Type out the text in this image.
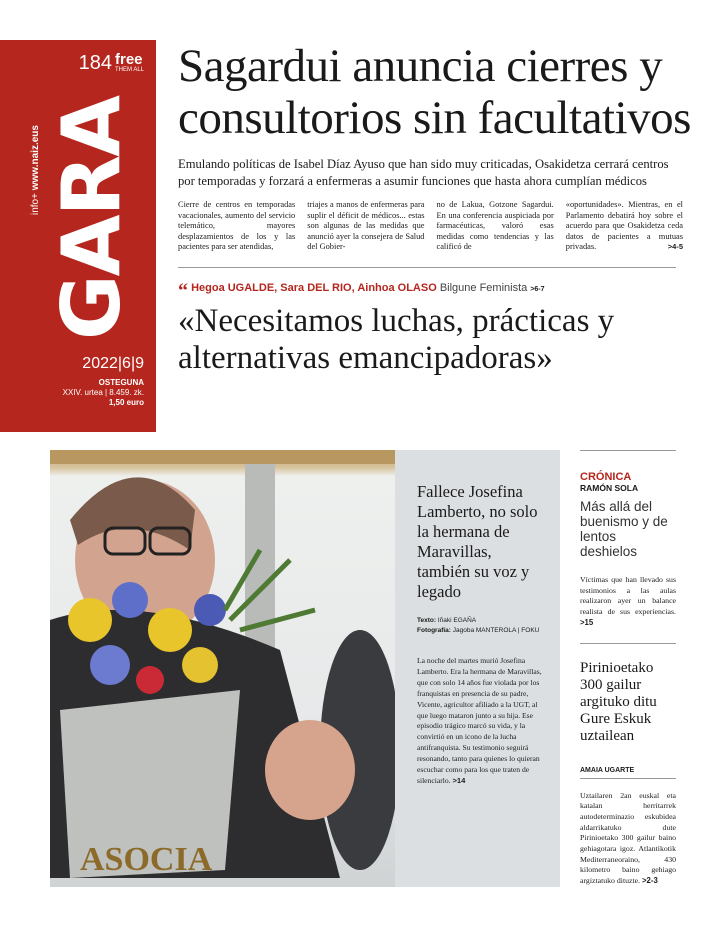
184 free
THEM ALL
info+ www.naiz.eus GARA
2022|6|9
OSTEGUNA
XXIV. urtea | 8.459. zk.
1,50 euro
Sagardui anuncia cierres y consultorios sin facultativos

Emulando políticas de Isabel Díaz Ayuso que han sido muy criticadas, Osakidetza cerrará centros por temporadas y forzará a enfermeras a asumir funciones que hasta ahora cumplían médicos

Cierre de centros en temporadas vacacionales, aumento del servicio telemático, mayores desplazamientos de los y las pacientes para ser atendidas,

triajes a manos de enfermeras para suplir el déficit de médicos... estas son algunas de las medidas que anunció ayer la consejera de Salud del Gobier-

no de Lakua, Gotzone Sagardui. En una conferencia auspiciada por farmacéuticas, valoró esas medidas como tendencias y las calificó de

«oportunidades». Mientras, en el Parlamento debatirá hoy sobre el acuerdo para que Osakidetza ceda datos de pacientes a mutuas privadas.	>4-5

“ Hegoa UGALDE, Sara DEL RIO, Ainhoa OLASO Bilgune Feminista >6-7
«Necesitamos luchas, prácticas y alternativas emancipadoras»
ASOCIA
Fallece Josefina Lamberto, no solo la hermana de Maravillas, también su voz y legado
Texto: Iñaki EGAÑA
Fotografía: Jagoba MANTEROLA | FOKU

La noche del martes murió Josefina Lamberto. Era la hermana de Maravillas, que con solo 14 años fue violada por los franquistas en presencia de su padre, Vicente, agricultor afiliado a la UGT, al que luego mataron junto a su hija. Ese episodio trágico marcó su vida, y la convirtió en un icono de la lucha antifranquista. Su testimonio seguirá resonando, tanto para quienes lo quieran escuchar como para los que traten de silenciarlo. >14

CRÓNICA
RAMÓN SOLA
Más allá del buenismo y de lentos deshielos

Víctimas que han llevado sus testimonios a las aulas realizaron ayer un balance realista de sus experiencias. >15

Pirinioetako 300 gailur argituko ditu Gure Eskuk uztailean
AMAIA UGARTE

Uztailaren 2an euskal eta katalan herritarrek autodeterminazio eskubidea aldarrikatuko dute Pirinioetako 300 gailur baino gehiagotara igoz. Atlantikotik Mediterraneoraino, 430 kilometro baino gehiago argiztatuko dituzte. >2-3
